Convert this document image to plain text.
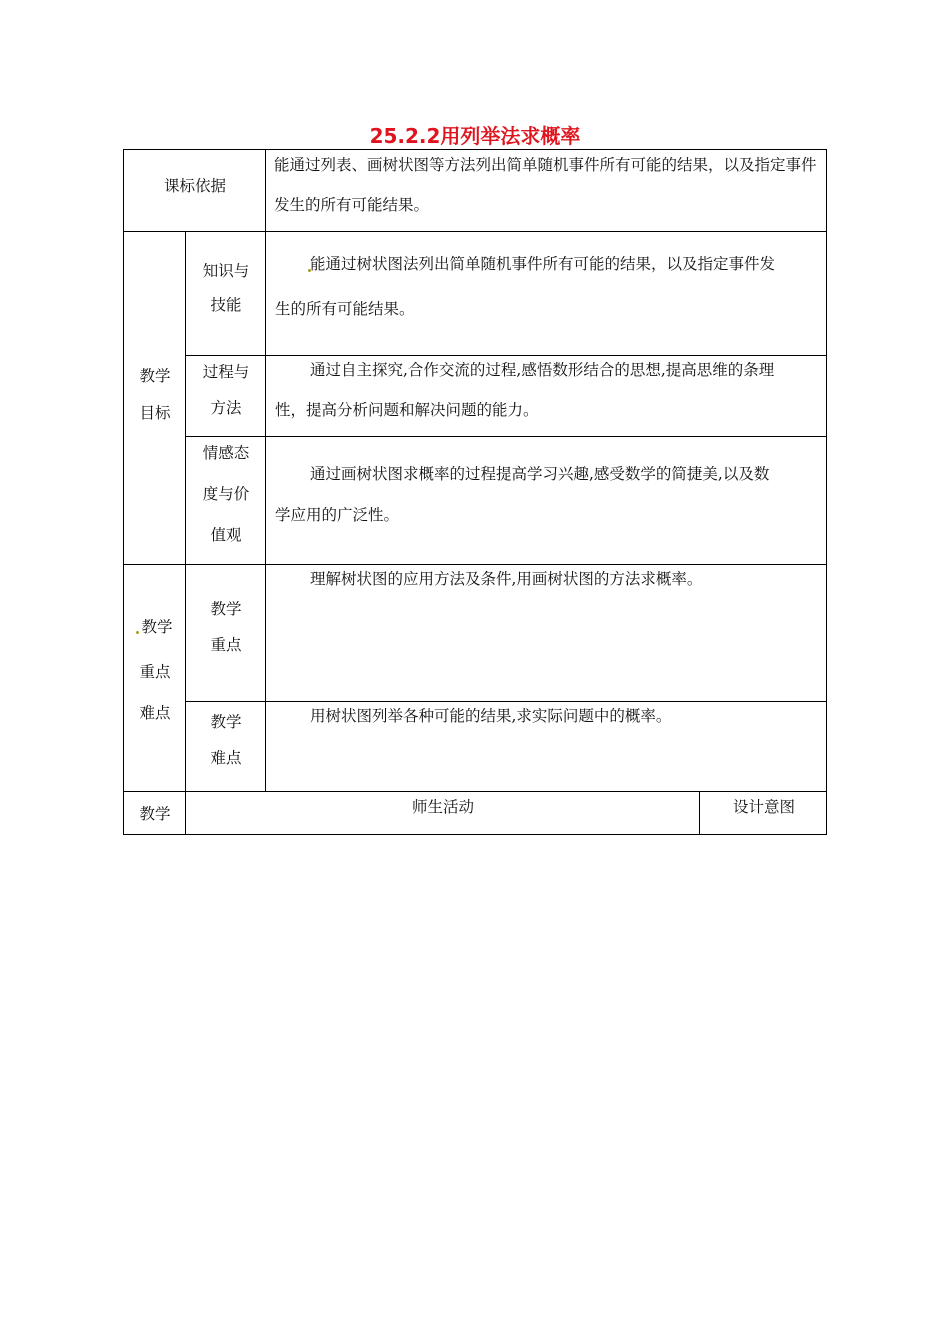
25.2.2用列举法求概率
课标依据
能通过列表、画树状图等方法列出简单随机事件所有可能的结果，以及指定事件发生的所有可能结果。
教学
目标
知识与
技能
能通过树状图法列出简单随机事件所有可能的结果，以及指定事件发
生的所有可能结果。
过程与
方法
通过自主探究,合作交流的过程,感悟数形结合的思想,提高思维的条理
性，提高分析问题和解决问题的能力。
情感态
度与价
值观
通过画树状图求概率的过程提高学习兴趣,感受数学的简捷美,以及数
学应用的广泛性。
教学
重点
难点
教学
重点
理解树状图的应用方法及条件,用画树状图的方法求概率。
教学
难点
用树状图列举各种可能的结果,求实际问题中的概率。
教学	师生活动	设计意图
